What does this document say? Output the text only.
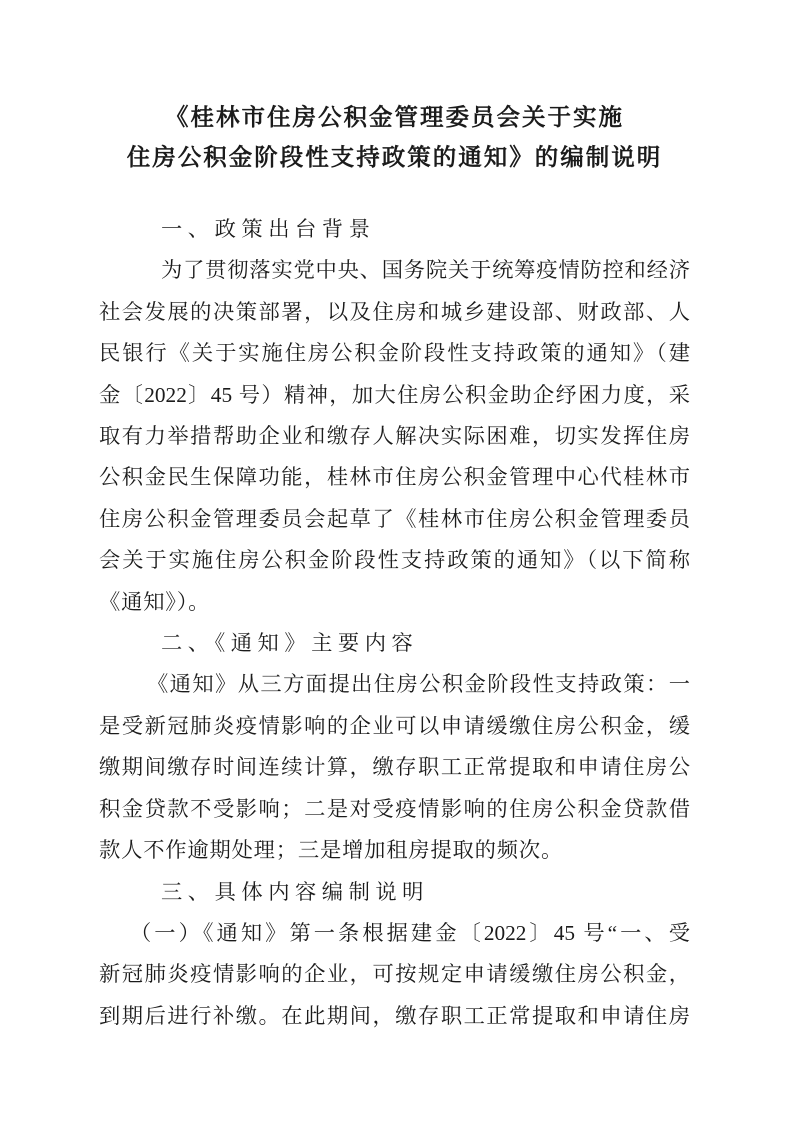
《桂林市住房公积金管理委员会关于实施
住房公积金阶段性支持政策的通知》的编制说明
一、政策出台背景
为了贯彻落实党中央、国务院关于统筹疫情防控和经济
社会发展的决策部署，以及住房和城乡建设部、财政部、人
民银行《关于实施住房公积金阶段性支持政策的通知》（建
金〔2022〕45 号）精神，加大住房公积金助企纾困力度，采
取有力举措帮助企业和缴存人解决实际困难，切实发挥住房
公积金民生保障功能，桂林市住房公积金管理中心代桂林市
住房公积金管理委员会起草了《桂林市住房公积金管理委员
会关于实施住房公积金阶段性支持政策的通知》（以下简称
《通知》）。
二、《通知》主要内容
《通知》从三方面提出住房公积金阶段性支持政策：一
是受新冠肺炎疫情影响的企业可以申请缓缴住房公积金，缓
缴期间缴存时间连续计算，缴存职工正常提取和申请住房公
积金贷款不受影响；二是对受疫情影响的住房公积金贷款借
款人不作逾期处理；三是增加租房提取的频次。
三、具体内容编制说明
（一）《通知》第一条根据建金〔2022〕45 号“一、受
新冠肺炎疫情影响的企业，可按规定申请缓缴住房公积金，
到期后进行补缴。在此期间，缴存职工正常提取和申请住房
